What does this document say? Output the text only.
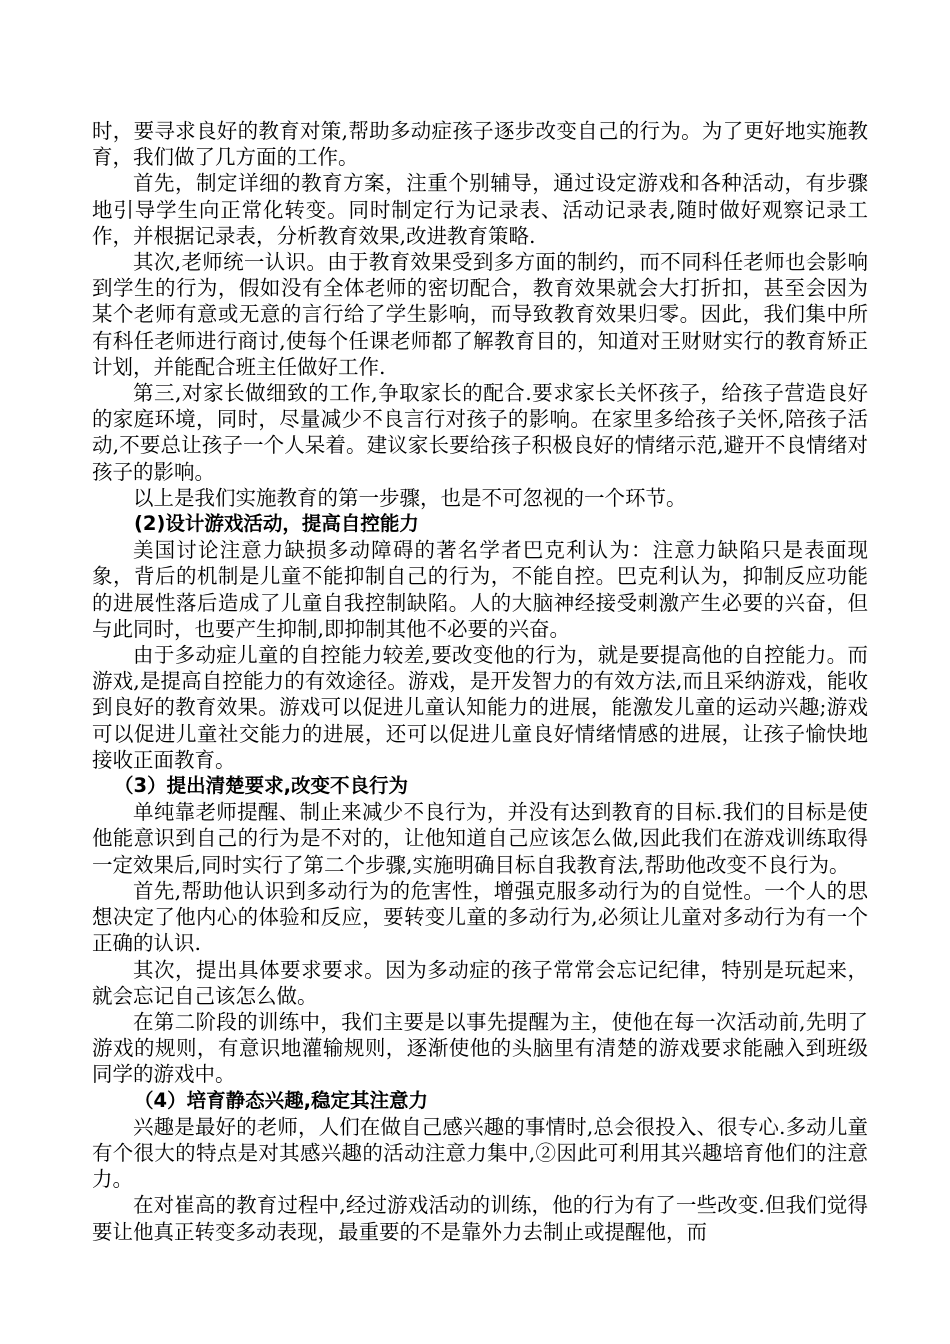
时，要寻求良好的教育对策,帮助多动症孩子逐步改变自己的行为。为了更好地实施教育，我们做了几方面的工作。

首先，制定详细的教育方案，注重个别辅导，通过设定游戏和各种活动，有步骤地引导学生向正常化转变。同时制定行为记录表、活动记录表,随时做好观察记录工作，并根据记录表，分析教育效果,改进教育策略.

其次,老师统一认识。由于教育效果受到多方面的制约，而不同科任老师也会影响到学生的行为，假如没有全体老师的密切配合，教育效果就会大打折扣，甚至会因为某个老师有意或无意的言行给了学生影响，而导致教育效果归零。因此，我们集中所有科任老师进行商讨,使每个任课老师都了解教育目的，知道对王财财实行的教育矫正计划，并能配合班主任做好工作.

第三,对家长做细致的工作,争取家长的配合.要求家长关怀孩子，给孩子营造良好的家庭环境，同时，尽量减少不良言行对孩子的影响。在家里多给孩子关怀,陪孩子活动,不要总让孩子一个人呆着。建议家长要给孩子积极良好的情绪示范,避开不良情绪对孩子的影响。

以上是我们实施教育的第一步骤，也是不可忽视的一个环节。

(2)设计游戏活动，提高自控能力

美国讨论注意力缺损多动障碍的著名学者巴克利认为：注意力缺陷只是表面现象，背后的机制是儿童不能抑制自己的行为，不能自控。巴克利认为，抑制反应功能的进展性落后造成了儿童自我控制缺陷。人的大脑神经接受刺激产生必要的兴奋，但与此同时，也要产生抑制,即抑制其他不必要的兴奋。

由于多动症儿童的自控能力较差,要改变他的行为，就是要提高他的自控能力。而游戏,是提高自控能力的有效途径。游戏，是开发智力的有效方法,而且采纳游戏，能收到良好的教育效果。游戏可以促进儿童认知能力的进展，能激发儿童的运动兴趣;游戏可以促进儿童社交能力的进展，还可以促进儿童良好情绪情感的进展，让孩子愉快地接收正面教育。

（3）提出清楚要求,改变不良行为

单纯靠老师提醒、制止来减少不良行为，并没有达到教育的目标.我们的目标是使他能意识到自己的行为是不对的，让他知道自己应该怎么做,因此我们在游戏训练取得一定效果后,同时实行了第二个步骤,实施明确目标自我教育法,帮助他改变不良行为。

首先,帮助他认识到多动行为的危害性，增强克服多动行为的自觉性。一个人的思想决定了他内心的体验和反应，要转变儿童的多动行为,必须让儿童对多动行为有一个正确的认识.

其次，提出具体要求要求。因为多动症的孩子常常会忘记纪律，特别是玩起来，就会忘记自己该怎么做。

在第二阶段的训练中，我们主要是以事先提醒为主，使他在每一次活动前,先明了游戏的规则，有意识地灌输规则，逐渐使他的头脑里有清楚的游戏要求能融入到班级同学的游戏中。

（4）培育静态兴趣,稳定其注意力

兴趣是最好的老师，人们在做自己感兴趣的事情时,总会很投入、很专心.多动儿童有个很大的特点是对其感兴趣的活动注意力集中,②因此可利用其兴趣培育他们的注意力。

在对崔高的教育过程中,经过游戏活动的训练，他的行为有了一些改变.但我们觉得要让他真正转变多动表现，最重要的不是靠外力去制止或提醒他，而
